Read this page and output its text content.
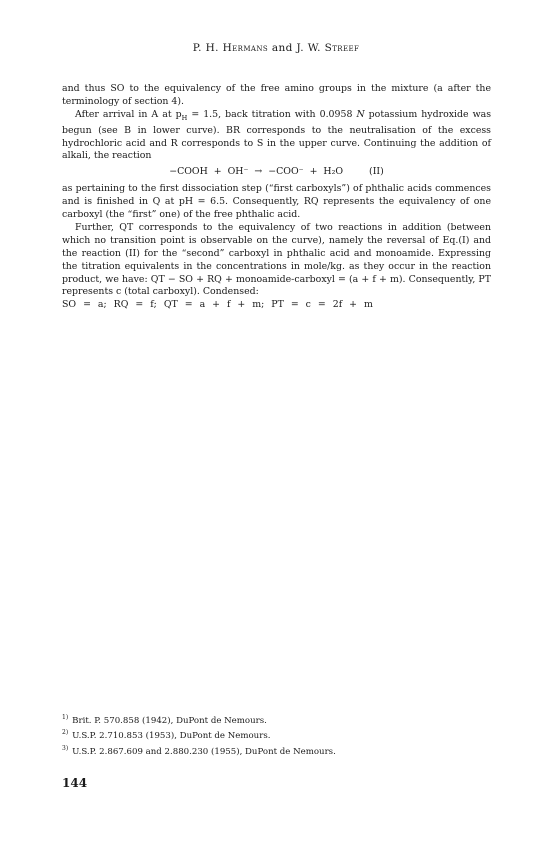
P. H. Hermans and J. W. Streef

and thus SO to the equivalency of the free amino groups in the mixture (a after the terminology of section 4).

After arrival in A at $p_H = 1.5$, back titration with 0.0958 N potassium hydroxide was begun (see B in lower curve). BR corresponds to the neutralisation of the excess hydrochloric acid and R corresponds to S in the upper curve. Continuing the addition of alkali, the reaction

−COOH + OH⁻ → −COO⁻ + H₂O	(II)

as pertaining to the first dissociation step (“first carboxyls”) of phthalic acids commences and is finished in Q at pH = 6.5. Consequently, RQ represents the equivalency of one carboxyl (the “first” one) of the free phthalic acid.

Further, QT corresponds to the equivalency of two reactions in addition (between which no transition point is observable on the curve), namely the reversal of Eq.(I) and the reaction (II) for the “second” carboxyl in phthalic acid and monoamide. Expressing the titration equivalents in the concentrations in mole/kg. as they occur in the reaction product, we have: QT − SO + RQ + monoamide-carboxyl = (a + f + m). Consequently, PT represents c (total carboxyl). Condensed:

SO = a; RQ = f; QT = a + f + m; PT = c = 2f + m

$^{1)}$ Brit. P. 570.858 (1942), DuPont de Nemours.
$^{2)}$ U.S.P. 2.710.853 (1953), DuPont de Nemours.
$^{3)}$ U.S.P. 2.867.609 and 2.880.230 (1955), DuPont de Nemours.
144
